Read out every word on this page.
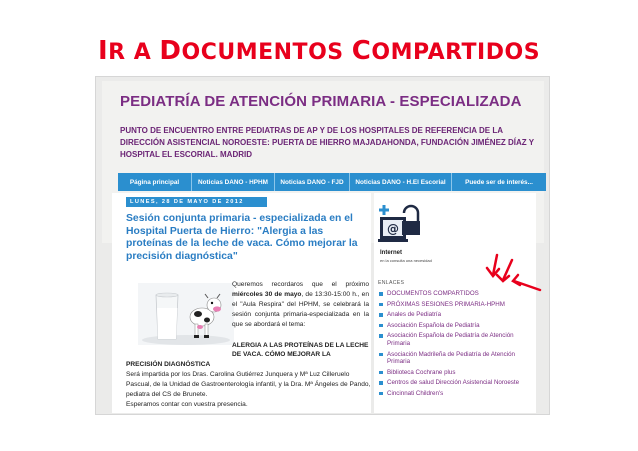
IR A DOCUMENTOS COMPARTIDOS
PEDIATRÍA DE ATENCIÓN PRIMARIA - ESPECIALIZADA
PUNTO DE ENCUENTRO ENTRE PEDIATRAS DE AP Y DE LOS HOSPITALES DE REFERENCIA DE LA DIRECCIÓN ASISTENCIAL NOROESTE: PUERTA DE HIERRO MAJADAHONDA, FUNDACIÓN JIMÉNEZ DÍAZ Y HOSPITAL EL ESCORIAL. MADRID
Página principal	Noticias DANO - HPHM	Noticias DANO - FJD	Noticias DANO - H.El Escorial	Puede ser de interés...
LUNES, 28 DE MAYO DE 2012
Sesión conjunta primaria - especializada en el Hospital Puerta de Hierro: "Alergia a las proteínas de la leche de vaca. Cómo mejorar la precisión diagnóstica"
Queremos recordaros que el próximo miércoles 30 de mayo, de 13:30-15:00 h., en el "Aula Respira" del HPHM, se celebrará la sesión conjunta primaria-especializada en la que se abordará el tema:
ALERGIA A LAS PROTEÍNAS DE LA LECHE DE VACA. CÓMO MEJORAR LA
PRECISIÓN DIAGNÓSTICA
Será impartida por los Dras. Carolina Gutiérrez Junquera y Mª Luz Cilleruelo Pascual, de la Unidad de Gastroenterología infantil, y la Dra. Mª Ángeles de Pando, pediatra del CS de Brunete.
Esperamos contar con vuestra presencia.
@
Internet
en la consulta una necesidad
ENLACES
DOCUMENTOS COMPARTIDOS
PRÓXIMAS SESIONES PRIMARIA-HPHM
Anales de Pediatría
Asociación Española de Pediatría
Asociación Española de Pediatría de Atención Primaria
Asociación Madrileña de Pediatría de Atención Primaria
Biblioteca Cochrane plus
Centros de salud Dirección Asistencial Noroeste
Cincinnati Children's
